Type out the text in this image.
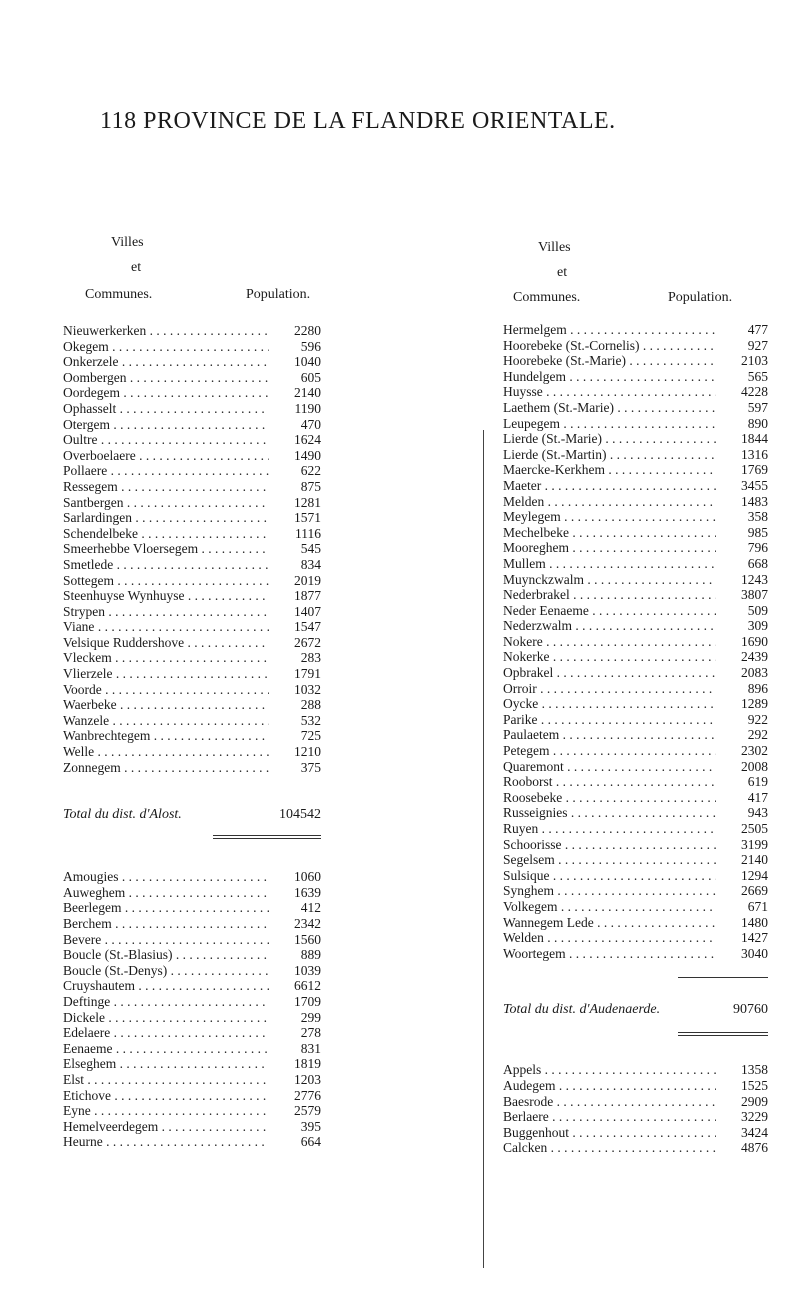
118 PROVINCE DE LA FLANDRE ORIENTALE.
Villes
et
Communes.	Population.
Villes
et
Communes.	Population.
Nieuwerkerken . . .	2280
Okegem . . .	596
Onkerzele . . .	1040
Oombergen . . .	605
Oordegem . . .	2140
Ophasselt . . .	1190
Otergem . . .	470
Oultre . . .	1624
Overboelaere . . .	1490
Pollaere . . .	622
Ressegem . . .	875
Santbergen . . .	1281
Sarlardingen . . .	1571
Schendelbeke . . .	1116
Smeerhebbe Vloersegem . . .	545
Smetlede . . .	834
Sottegem . . .	2019
Steenhuyse Wynhuyse . . .	1877
Strypen . . .	1407
Viane . . .	1547
Velsique Ruddershove . . .	2672
Vleckem . . .	283
Vlierzele . . .	1791
Voorde . . .	1032
Waerbeke . . .	288
Wanzele . . .	532
Wanbrechtegem . . .	725
Welle . . .	1210
Zonnegem . . .	375
Total du dist. d'Alost.	104542
Amougies . . .	1060
Auweghem . . .	1639
Beerlegem . . .	412
Berchem . . .	2342
Bevere . . .	1560
Boucle (St.-Blasius) . . .	889
Boucle (St.-Denys) . . .	1039
Cruyshautem . . .	6612
Deftinge . . .	1709
Dickele . . .	299
Edelaere . . .	278
Eenaeme . . .	831
Elseghem . . .	1819
Elst . . .	1203
Etichove . . .	2776
Eyne . . .	2579
Hemelveerdegem . . .	395
Heurne . . .	664
Hermelgem . . .	477
Hoorebeke (St.-Cornelis) . . .	927
Hoorebeke (St.-Marie) . . .	2103
Hundelgem . . .	565
Huysse . . .	4228
Laethem (St.-Marie) . . .	597
Leupegem . . .	890
Lierde (St.-Marie) . . .	1844
Lierde (St.-Martin) . . .	1316
Maercke-Kerkhem . . .	1769
Maeter . . .	3455
Melden . . .	1483
Meylegem . . .	358
Mechelbeke . . .	985
Mooreghem . . .	796
Mullem . . .	668
Muynckzwalm . . .	1243
Nederbrakel . . .	3807
Neder Eenaeme . . .	509
Nederzwalm . . .	309
Nokere . . .	1690
Nokerke . . .	2439
Opbrakel . . .	2083
Orroir . . .	896
Oycke . . .	1289
Parike . . .	922
Paulaetem . . .	292
Petegem . . .	2302
Quaremont . . .	2008
Rooborst . . .	619
Roosebeke . . .	417
Russeignies . . .	943
Ruyen . . .	2505
Schoorisse . . .	3199
Segelsem . . .	2140
Sulsique . . .	1294
Synghem . . .	2669
Volkegem . . .	671
Wannegem Lede . . .	1480
Welden . . .	1427
Woortegem . . .	3040
Total du dist. d'Audenaerde.	90760
Appels . . .	1358
Audegem . . .	1525
Baesrode . . .	2909
Berlaere . . .	3229
Buggenhout . . .	3424
Calcken . . .	4876
